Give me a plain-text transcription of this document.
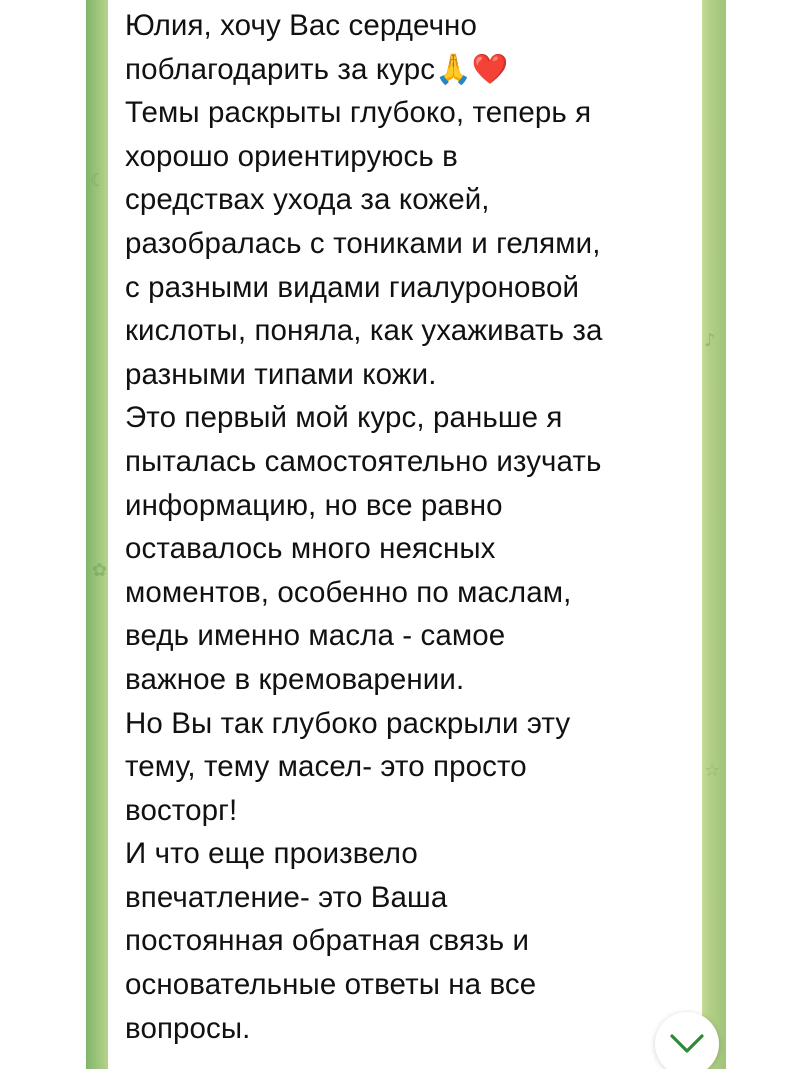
☾
✿
♪
☆

Юлия, хочу Вас сердечно
поблагодарить за курс🙏❤️
Темы раскрыты глубоко, теперь я
хорошо ориентируюсь в
средствах ухода за кожей,
разобралась с тониками и гелями,
с разными видами гиалуроновой
кислоты, поняла, как ухаживать за
разными типами кожи.
Это первый мой курс, раньше я
пыталась самостоятельно изучать
информацию, но все равно
оставалось много неясных
моментов, особенно по маслам,
ведь именно масла - самое
важное в кремоварении.
Но Вы так глубоко раскрыли эту
тему, тему масел- это просто
восторг!
И что еще произвело
впечатление- это Ваша
постоянная обратная связь и
основательные ответы на все
вопросы.
